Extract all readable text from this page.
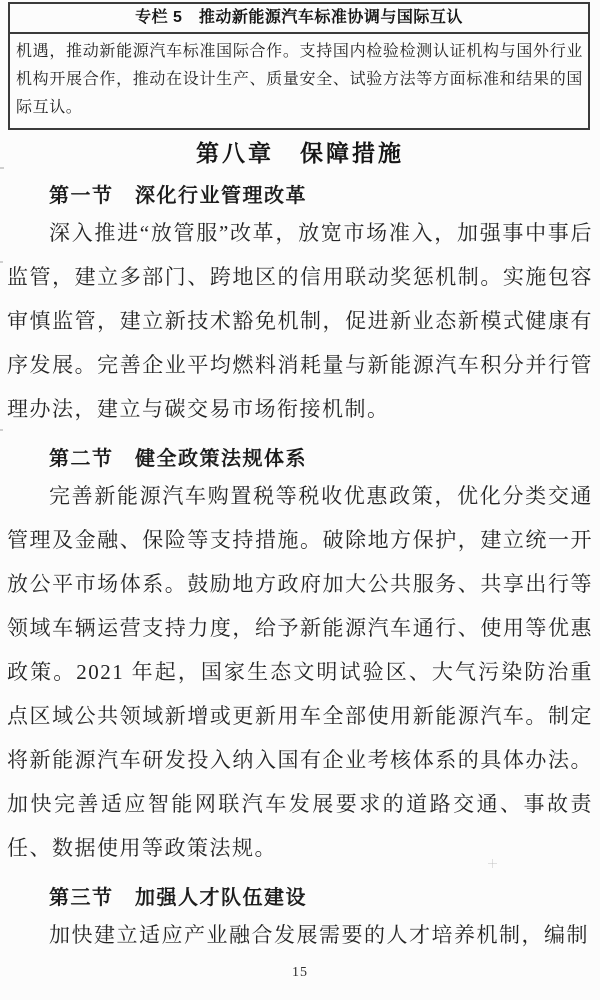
专栏 5　推动新能源汽车标准协调与国际互认
机遇，推动新能源汽车标准国际合作。支持国内检验检测认证机构与国外行业机构开展合作，推动在设计生产、质量安全、试验方法等方面标准和结果的国际互认。
第八章　保障措施
第一节　深化行业管理改革

深入推进“放管服”改革，放宽市场准入，加强事中事后监管，建立多部门、跨地区的信用联动奖惩机制。实施包容审慎监管，建立新技术豁免机制，促进新业态新模式健康有序发展。完善企业平均燃料消耗量与新能源汽车积分并行管理办法，建立与碳交易市场衔接机制。

第二节　健全政策法规体系

完善新能源汽车购置税等税收优惠政策，优化分类交通管理及金融、保险等支持措施。破除地方保护，建立统一开放公平市场体系。鼓励地方政府加大公共服务、共享出行等领域车辆运营支持力度，给予新能源汽车通行、使用等优惠政策。2021 年起，国家生态文明试验区、大气污染防治重点区域公共领域新增或更新用车全部使用新能源汽车。制定将新能源汽车研发投入纳入国有企业考核体系的具体办法。加快完善适应智能网联汽车发展要求的道路交通、事故责任、数据使用等政策法规。

第三节　加强人才队伍建设

加快建立适应产业融合发展需要的人才培养机制，编制

15
